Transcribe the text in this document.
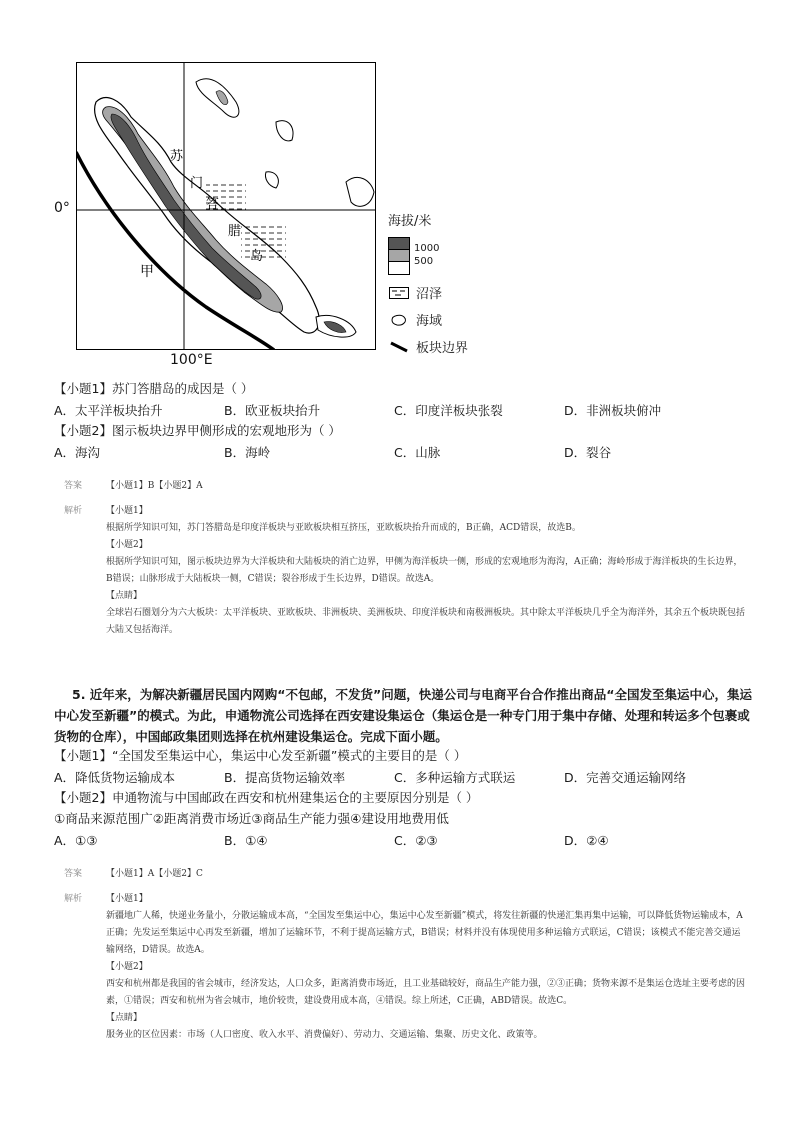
苏
门
答
腊
岛
甲
0°
100°E
海拔/米
1000
500
沼泽
海域
板块边界
【小题1】苏门答腊岛的成因是（ ）
A．太平洋板块抬升	B．欧亚板块抬升	C．印度洋板块张裂	D．非洲板块俯冲
【小题2】图示板块边界甲侧形成的宏观地形为（ ）
A．海沟	B．海岭	C．山脉	D．裂谷
答案	【小题1】B【小题2】A

解析	【小题1】

根据所学知识可知，苏门答腊岛是印度洋板块与亚欧板块相互挤压，亚欧板块抬升而成的，B正确，ACD错误，故选B。

【小题2】

根据所学知识可知，图示板块边界为大洋板块和大陆板块的消亡边界，甲侧为海洋板块一侧，形成的宏观地形为海沟，A正确；海岭形成于海洋板块的生长边界，B错误；山脉形成于大陆板块一侧，C错误；裂谷形成于生长边界，D错误。故选A。

【点睛】

全球岩石圈划分为六大板块：太平洋板块、亚欧板块、非洲板块、美洲板块、印度洋板块和南极洲板块。其中除太平洋板块几乎全为海洋外，其余五个板块既包括大陆又包括海洋。

5. 近年来，为解决新疆居民国内网购“不包邮，不发货”问题，快递公司与电商平台合作推出商品“全国发至集运中心，集运中心发至新疆”的模式。为此，申通物流公司选择在西安建设集运仓（集运仓是一种专门用于集中存储、处理和转运多个包裹或货物的仓库），中国邮政集团则选择在杭州建设集运仓。完成下面小题。
【小题1】“全国发至集运中心，集运中心发至新疆”模式的主要目的是（ ）
A．降低货物运输成本	B．提高货物运输效率	C．多种运输方式联运	D．完善交通运输网络
【小题2】申通物流与中国邮政在西安和杭州建集运仓的主要原因分别是（ ）
①商品来源范围广②距离消费市场近③商品生产能力强④建设用地费用低
A．①③	B．①④	C．②③	D．②④
答案	【小题1】A【小题2】C

解析	【小题1】

新疆地广人稀，快递业务量小，分散运输成本高，“全国发至集运中心，集运中心发至新疆”模式，将发往新疆的快递汇集再集中运输，可以降低货物运输成本，A正确；先发运至集运中心再发至新疆，增加了运输环节，不利于提高运输方式，B错误；材料并没有体现使用多种运输方式联运，C错误；该模式不能完善交通运输网络，D错误。故选A。

【小题2】

西安和杭州都是我国的省会城市，经济发达，人口众多，距离消费市场近，且工业基础较好，商品生产能力强，②③正确；货物来源不是集运仓选址主要考虑的因素，①错误；西安和杭州为省会城市，地价较贵，建设费用成本高，④错误。综上所述，C正确，ABD错误。故选C。

【点睛】

服务业的区位因素：市场（人口密度、收入水平、消费偏好）、劳动力、交通运输、集聚、历史文化、政策等。
